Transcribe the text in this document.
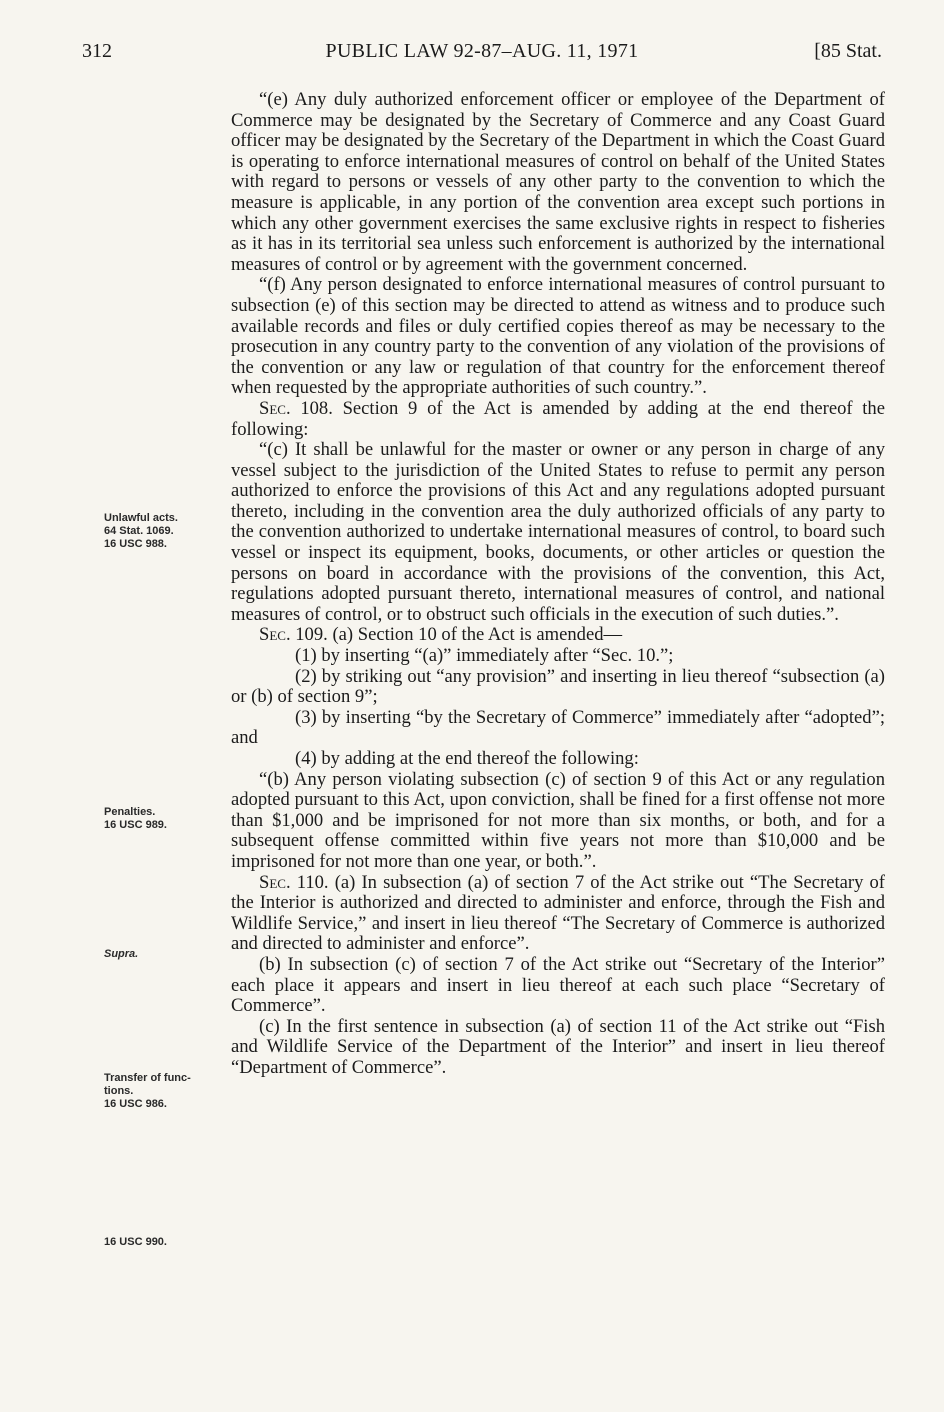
312	PUBLIC LAW 92-87–AUG. 11, 1971	[85 Stat.
Unlawful acts.
64 Stat. 1069.
16 USC 988.
Penalties.
16 USC 989.
Supra.
Transfer of func-
tions.
16 USC 986.
16 USC 990.

“(e) Any duly authorized enforcement officer or employee of the Department of Commerce may be designated by the Secretary of Commerce and any Coast Guard officer may be designated by the Secretary of the Department in which the Coast Guard is operating to enforce international measures of control on behalf of the United States with regard to persons or vessels of any other party to the convention to which the measure is applicable, in any portion of the convention area except such portions in which any other government exercises the same exclusive rights in respect to fisheries as it has in its territorial sea unless such enforcement is authorized by the international measures of control or by agreement with the government concerned.

“(f) Any person designated to enforce international measures of control pursuant to subsection (e) of this section may be directed to attend as witness and to produce such available records and files or duly certified copies thereof as may be necessary to the prosecution in any country party to the convention of any violation of the provisions of the convention or any law or regulation of that country for the enforcement thereof when requested by the appropriate authorities of such country.”.

Sec. 108. Section 9 of the Act is amended by adding at the end thereof the following:

“(c) It shall be unlawful for the master or owner or any person in charge of any vessel subject to the jurisdiction of the United States to refuse to permit any person authorized to enforce the provisions of this Act and any regulations adopted pursuant thereto, including in the convention area the duly authorized officials of any party to the convention authorized to undertake international measures of control, to board such vessel or inspect its equipment, books, documents, or other articles or question the persons on board in accordance with the provisions of the convention, this Act, regulations adopted pursuant thereto, international measures of control, and national measures of control, or to obstruct such officials in the execution of such duties.”.

Sec. 109. (a) Section 10 of the Act is amended—

(1) by inserting “(a)” immediately after “Sec. 10.”;

(2) by striking out “any provision” and inserting in lieu thereof “subsection (a) or (b) of section 9”;

(3) by inserting “by the Secretary of Commerce” immediately after “adopted”; and

(4) by adding at the end thereof the following:

“(b) Any person violating subsection (c) of section 9 of this Act or any regulation adopted pursuant to this Act, upon conviction, shall be fined for a first offense not more than $1,000 and be imprisoned for not more than six months, or both, and for a subsequent offense committed within five years not more than $10,000 and be imprisoned for not more than one year, or both.”.

Sec. 110. (a) In subsection (a) of section 7 of the Act strike out “The Secretary of the Interior is authorized and directed to administer and enforce, through the Fish and Wildlife Service,” and insert in lieu thereof “The Secretary of Commerce is authorized and directed to administer and enforce”.

(b) In subsection (c) of section 7 of the Act strike out “Secretary of the Interior” each place it appears and insert in lieu thereof at each such place “Secretary of Commerce”.

(c) In the first sentence in subsection (a) of section 11 of the Act strike out “Fish and Wildlife Service of the Department of the Interior” and insert in lieu thereof “Department of Commerce”.
